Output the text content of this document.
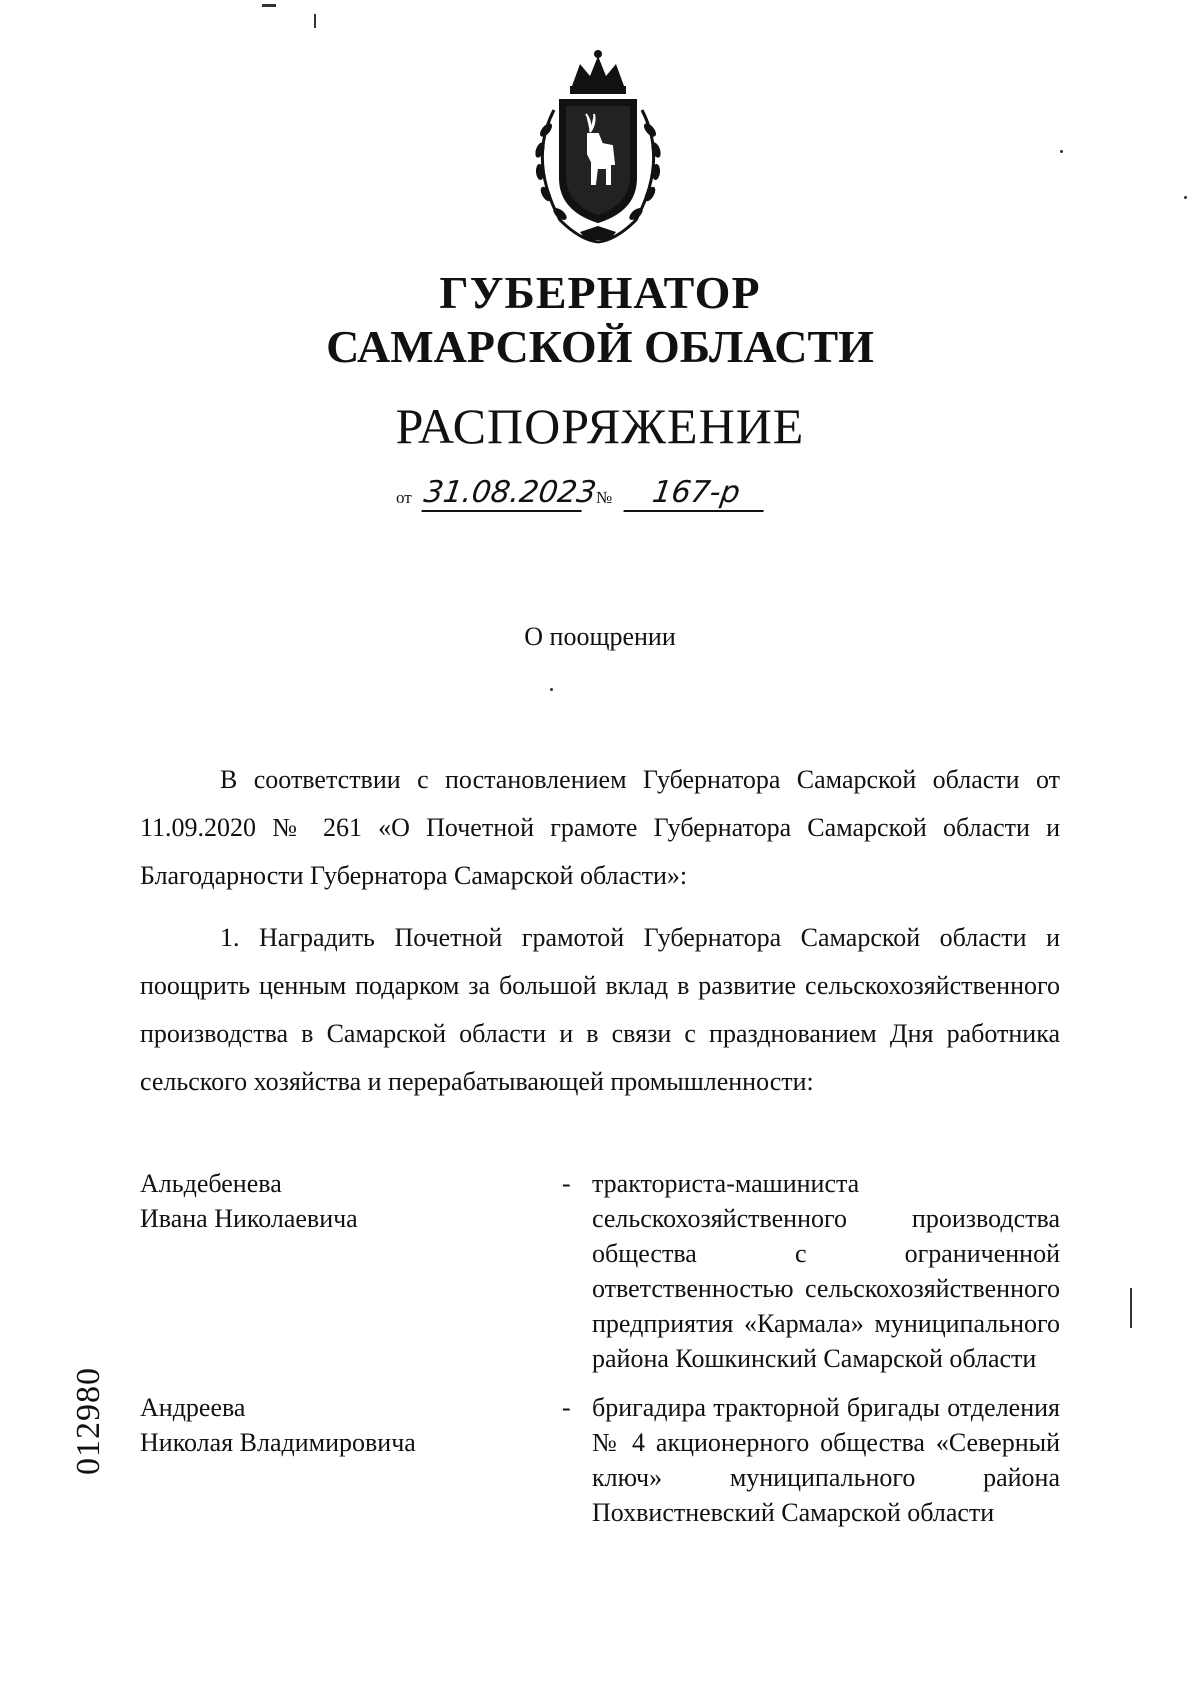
ГУБЕРНАТОР
САМАРСКОЙ ОБЛАСТИ
РАСПОРЯЖЕНИЕ
от 31.08.2023
№	167-р
О поощрении
В соответствии с постановлением Губернатора Самарской области от 11.09.2020 № 261 «О Почетной грамоте Губернатора Самарской области и Благодарности Губернатора Самарской области»:
1. Наградить Почетной грамотой Губернатора Самарской области и поощрить ценным подарком за большой вклад в развитие сельскохозяйственного производства в Самарской области и в связи с празднованием Дня работника сельского хозяйства и перерабатывающей промышленности:
Альдебенева
Ивана Николаевича
- тракториста-машиниста сельскохозяйственного производства общества с ограниченной ответственностью сельскохозяйственного предприятия «Кармала» муниципального района Кошкинский Самарской области
Андреева
Николая Владимировича
- бригадира тракторной бригады отделения № 4 акционерного общества «Северный ключ» муниципального района Похвистневский Самарской области
012980
